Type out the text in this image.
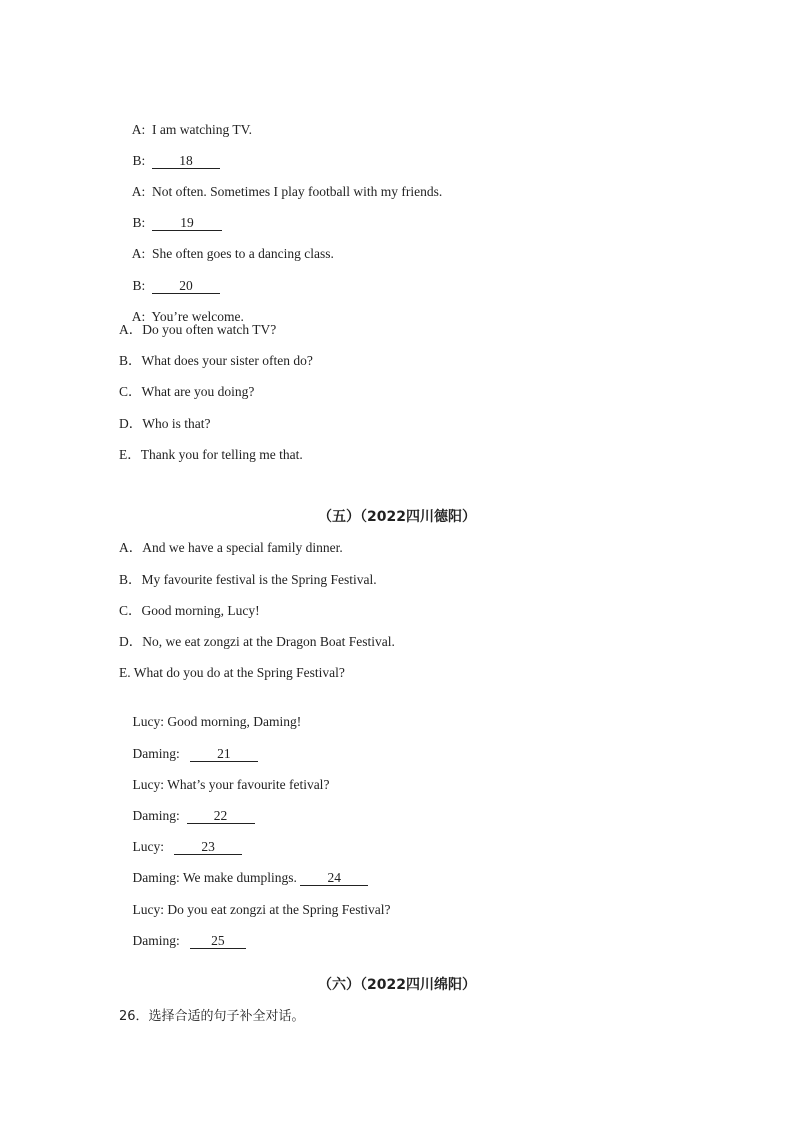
A: I am watching TV.

B:	18

A: Not often. Sometimes I play football with my friends.

B:	19

A: She often goes to a dancing class.

B:	20

A: You’re welcome.

A．Do you often watch TV?
B．What does your sister often do?
C．What are you doing?
D．Who is that?
E．Thank you for telling me that.
（五）（2022四川德阳）
A．And we have a special family dinner.
B．My favourite festival is the Spring Festival.
C．Good morning, Lucy!
D．No, we eat zongzi at the Dragon Boat Festival.
E. What do you do at the Spring Festival?

Lucy: Good morning, Daming!

Daming:	21

Lucy: What’s your favourite fetival?

Daming:	22

Lucy:	23

Daming: We make dumplings. 24

Lucy: Do you eat zongzi at the Spring Festival?

Daming: 25

（六）（2022四川绵阳）
26．选择合适的句子补全对话。
